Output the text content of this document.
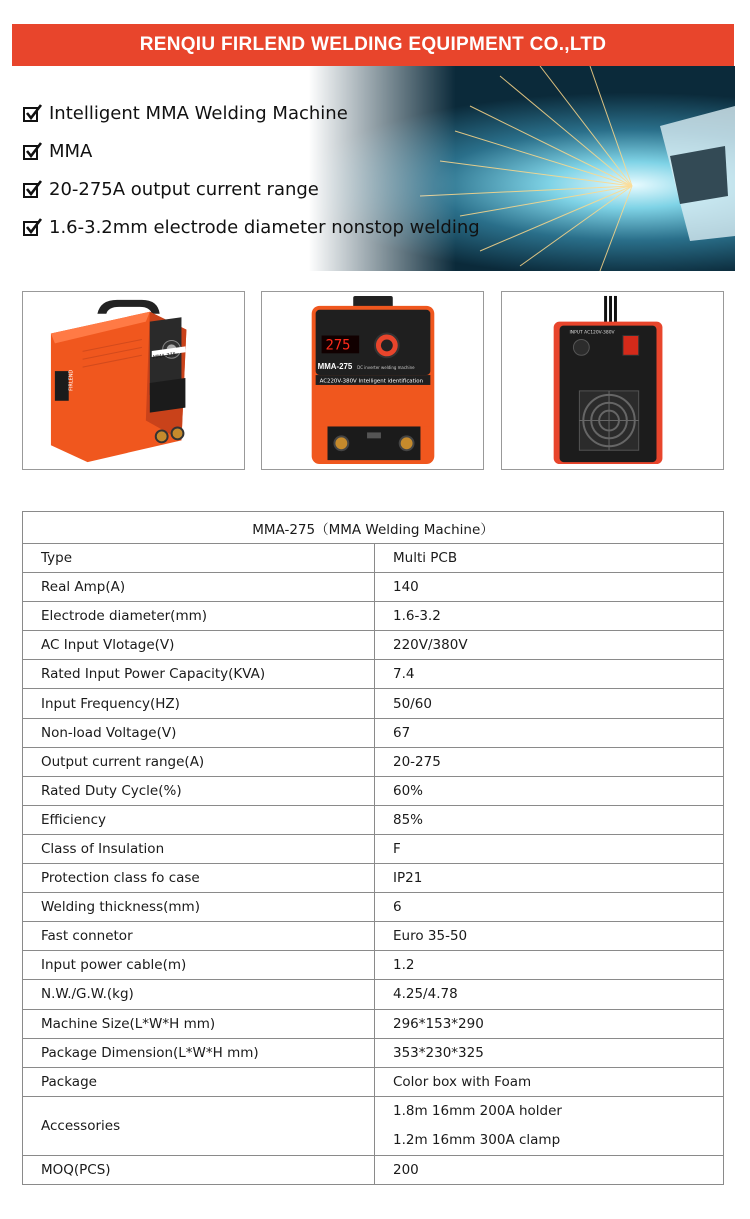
RENQIU FIRLEND WELDING EQUIPMENT CO.,LTD
Intelligent MMA Welding Machine
MMA
20-275A output current range
1.6-3.2mm electrode diameter nonstop welding
MMA-275
FIRLEND
275
MMA-275 DC inverter welding machine
AC220V-380V Intelligent identification
INPUT AC120V-380V
MMA-275（MMA Welding Machine）	
Type	Multi PCB
Real Amp(A)	140
Electrode diameter(mm)	1.6-3.2
AC Input Vlotage(V)	220V/380V
Rated Input Power Capacity(KVA)	7.4
Input Frequency(HZ)	50/60
Non-load Voltage(V)	67
Output current range(A)	20-275
Rated Duty Cycle(%)	60%
Efficiency	85%
Class of Insulation	F
Protection class fo case	IP21
Welding thickness(mm)	6
Fast connetor	Euro 35-50
Input power cable(m)	1.2
N.W./G.W.(kg)	4.25/4.78
Machine Size(L*W*H mm)	296*153*290
Package Dimension(L*W*H mm)	353*230*325
Package	Color box with Foam
Accessories	1.8m 16mm 200A holder
1.2m 16mm 300A clamp

MOQ(PCS)	200
